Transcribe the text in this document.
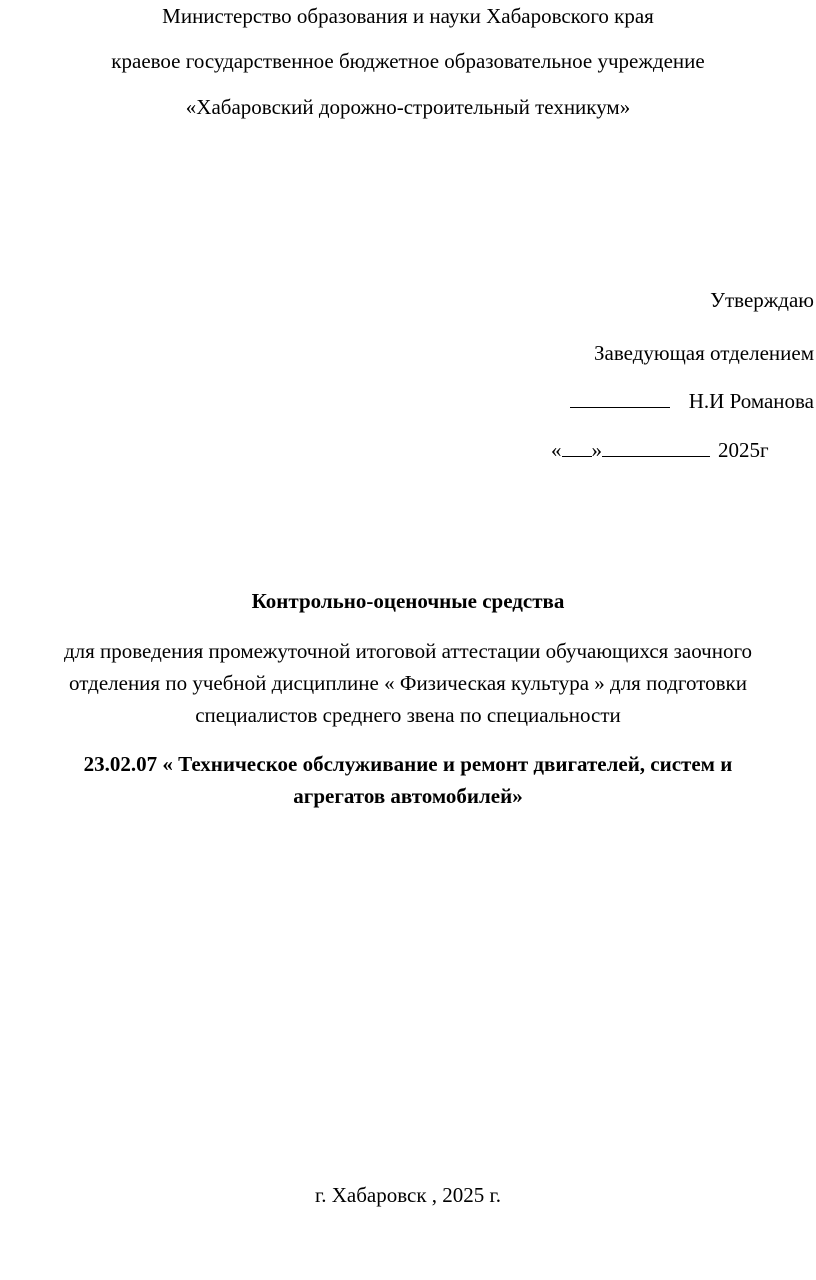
Министерство образования и науки Хабаровского края
краевое государственное бюджетное образовательное учреждение
«Хабаровский дорожно-строительный техникум»
Утверждаю
Заведующая отделением
Н.И Романова
« »	2025г
Контрольно-оценочные средства
для проведения промежуточной итоговой аттестации обучающихся заочного
отделения по учебной дисциплине « Физическая культура » для подготовки
специалистов среднего звена по специальности
23.02.07 « Техническое обслуживание и ремонт двигателей, систем и
агрегатов автомобилей»
г. Хабаровск , 2025 г.
